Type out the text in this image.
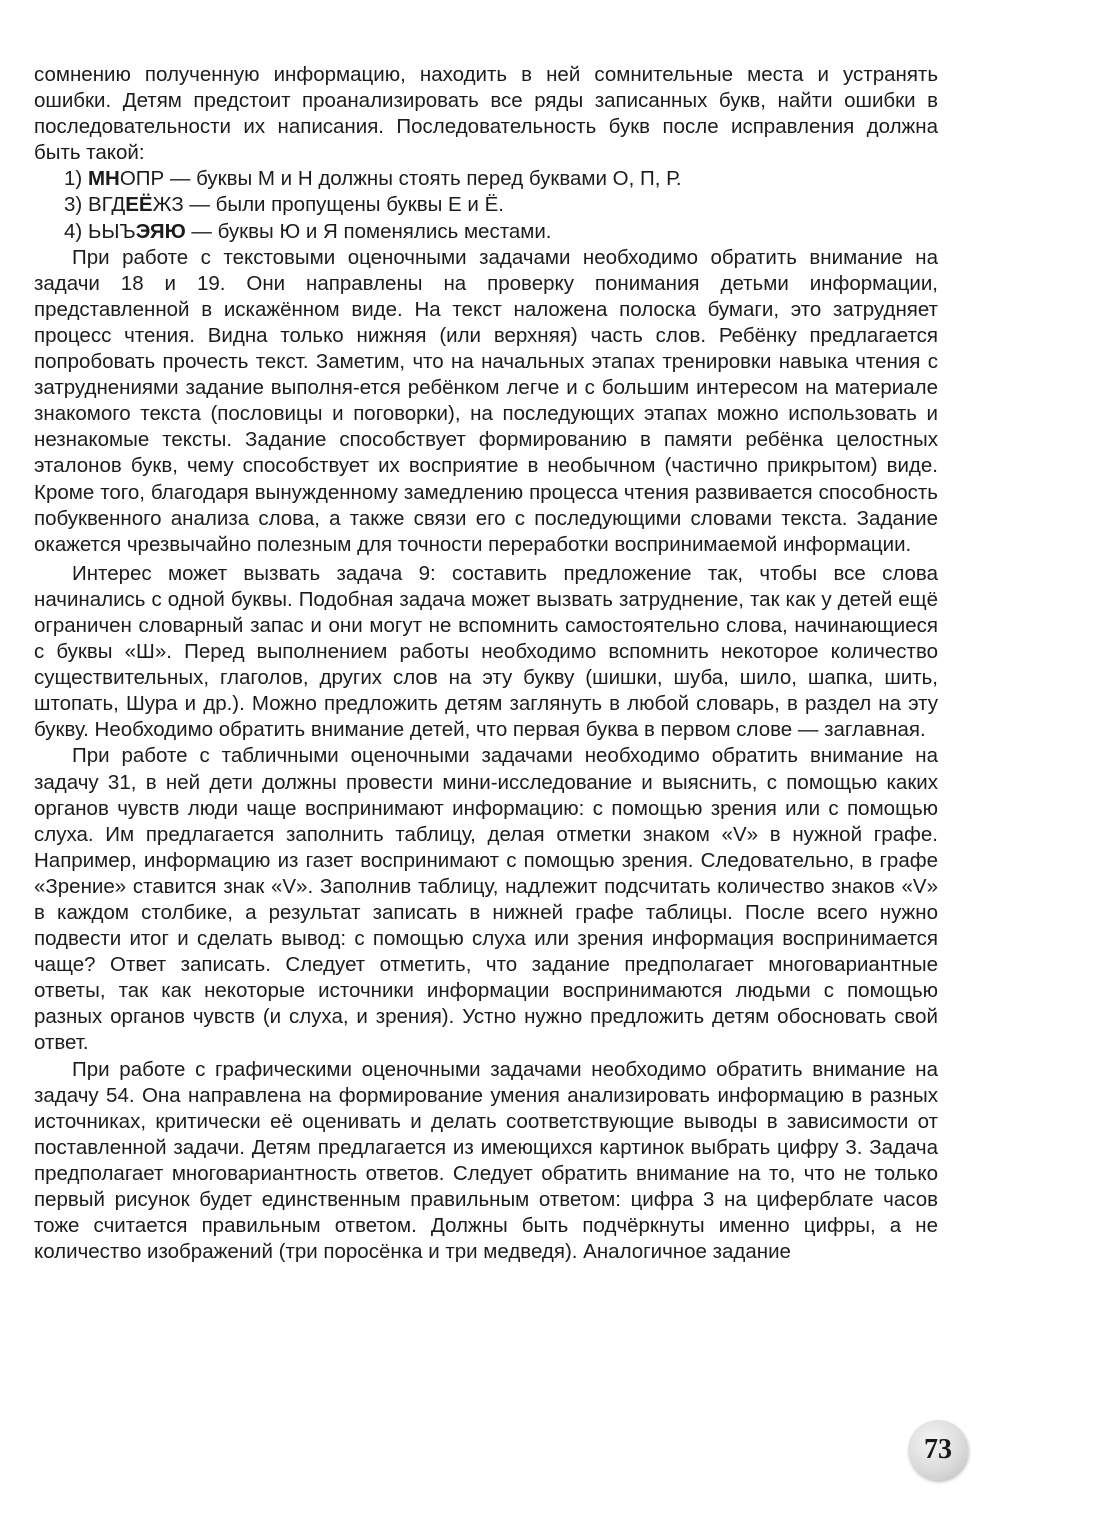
сомнению полученную информацию, находить в ней сомнительные места и устранять ошибки. Детям предстоит проанализировать все ряды записанных букв, найти ошибки в последовательности их написания. Последовательность букв после исправления должна быть такой:

1) МНОПР — буквы М и Н должны стоять перед буквами О, П, Р.

3) ВГДЕЁЖЗ — были пропущены буквы Е и Ё.

4) ЬЫЪЭЯЮ — буквы Ю и Я поменялись местами.

При работе с текстовыми оценочными задачами необходимо обратить внимание на задачи 18 и 19. Они направлены на проверку понимания детьми информации, представленной в искажённом виде. На текст наложена полоска бумаги, это затрудняет процесс чтения. Видна только нижняя (или верхняя) часть слов. Ребёнку предлагается попробовать прочесть текст. Заметим, что на начальных этапах тренировки навыка чтения с затруднениями задание выполня-ется ребёнком легче и с большим интересом на материале знакомого текста (пословицы и поговорки), на последующих этапах можно использовать и незнакомые тексты. Задание способствует формированию в памяти ребёнка целостных эталонов букв, чему способствует их восприятие в необычном (частично прикрытом) виде. Кроме того, благодаря вынужденному замедлению процесса чтения развивается способность побуквенного анализа слова, а также связи его с последующими словами текста. Задание окажется чрезвычайно полезным для точности переработки воспринимаемой информации.

Интерес может вызвать задача 9: составить предложение так, чтобы все слова начинались с одной буквы. Подобная задача может вызвать затруднение, так как у детей ещё ограничен словарный запас и они могут не вспомнить самостоятельно слова, начинающиеся с буквы «Ш». Перед выполнением работы необходимо вспомнить некоторое количество существительных, глаголов, других слов на эту букву (шишки, шуба, шило, шапка, шить, штопать, Шура и др.). Можно предложить детям заглянуть в любой словарь, в раздел на эту букву. Необходимо обратить внимание детей, что первая буква в первом слове — заглавная.

При работе с табличными оценочными задачами необходимо обратить внимание на задачу 31, в ней дети должны провести мини-исследование и выяснить, с помощью каких органов чувств люди чаще воспринимают информацию: с помощью зрения или с помощью слуха. Им предлагается заполнить таблицу, делая отметки знаком «V» в нужной графе. Например, информацию из газет воспринимают с помощью зрения. Следовательно, в графе «Зрение» ставится знак «V». Заполнив таблицу, надлежит подсчитать количество знаков «V» в каждом столбике, а результат записать в нижней графе таблицы. После всего нужно подвести итог и сделать вывод: с помощью слуха или зрения информация воспринимается чаще? Ответ записать. Следует отметить, что задание предполагает многовариантные ответы, так как некоторые источники информации воспринимаются людьми с помощью разных органов чувств (и слуха, и зрения). Устно нужно предложить детям обосновать свой ответ.

При работе с графическими оценочными задачами необходимо обратить внимание на задачу 54. Она направлена на формирование умения анализировать информацию в разных источниках, критически её оценивать и делать соответствующие выводы в зависимости от поставленной задачи. Детям предлагается из имеющихся картинок выбрать цифру 3. Задача предполагает многовариантность ответов. Следует обратить внимание на то, что не только первый рисунок будет единственным правильным ответом: цифра 3 на циферблате часов тоже считается правильным ответом. Должны быть подчёркнуты именно цифры, а не количество изображений (три поросёнка и три медведя). Аналогичное задание

73
